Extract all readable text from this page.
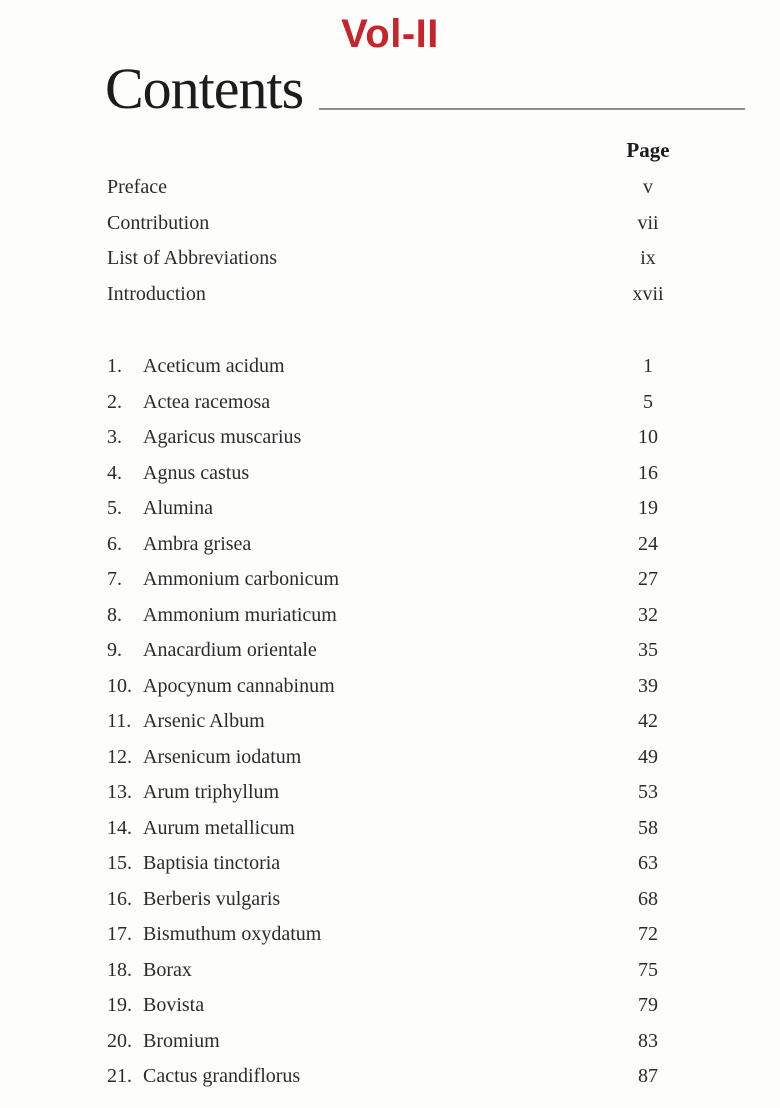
Vol-II
Contents
Page
Preface	v
Contribution	vii
List of Abbreviations	ix
Introduction	xvii
1.	Aceticum acidum	1
2.	Actea racemosa	5
3.	Agaricus muscarius	10
4.	Agnus castus	16
5.	Alumina	19
6.	Ambra grisea	24
7.	Ammonium carbonicum	27
8.	Ammonium muriaticum	32
9.	Anacardium orientale	35
10. Apocynum cannabinum	39
11. Arsenic Album	42
12. Arsenicum iodatum	49
13. Arum triphyllum	53
14. Aurum metallicum	58
15. Baptisia tinctoria	63
16. Berberis vulgaris	68
17. Bismuthum oxydatum	72
18. Borax	75
19. Bovista	79
20. Bromium	83
21. Cactus grandiflorus	87
